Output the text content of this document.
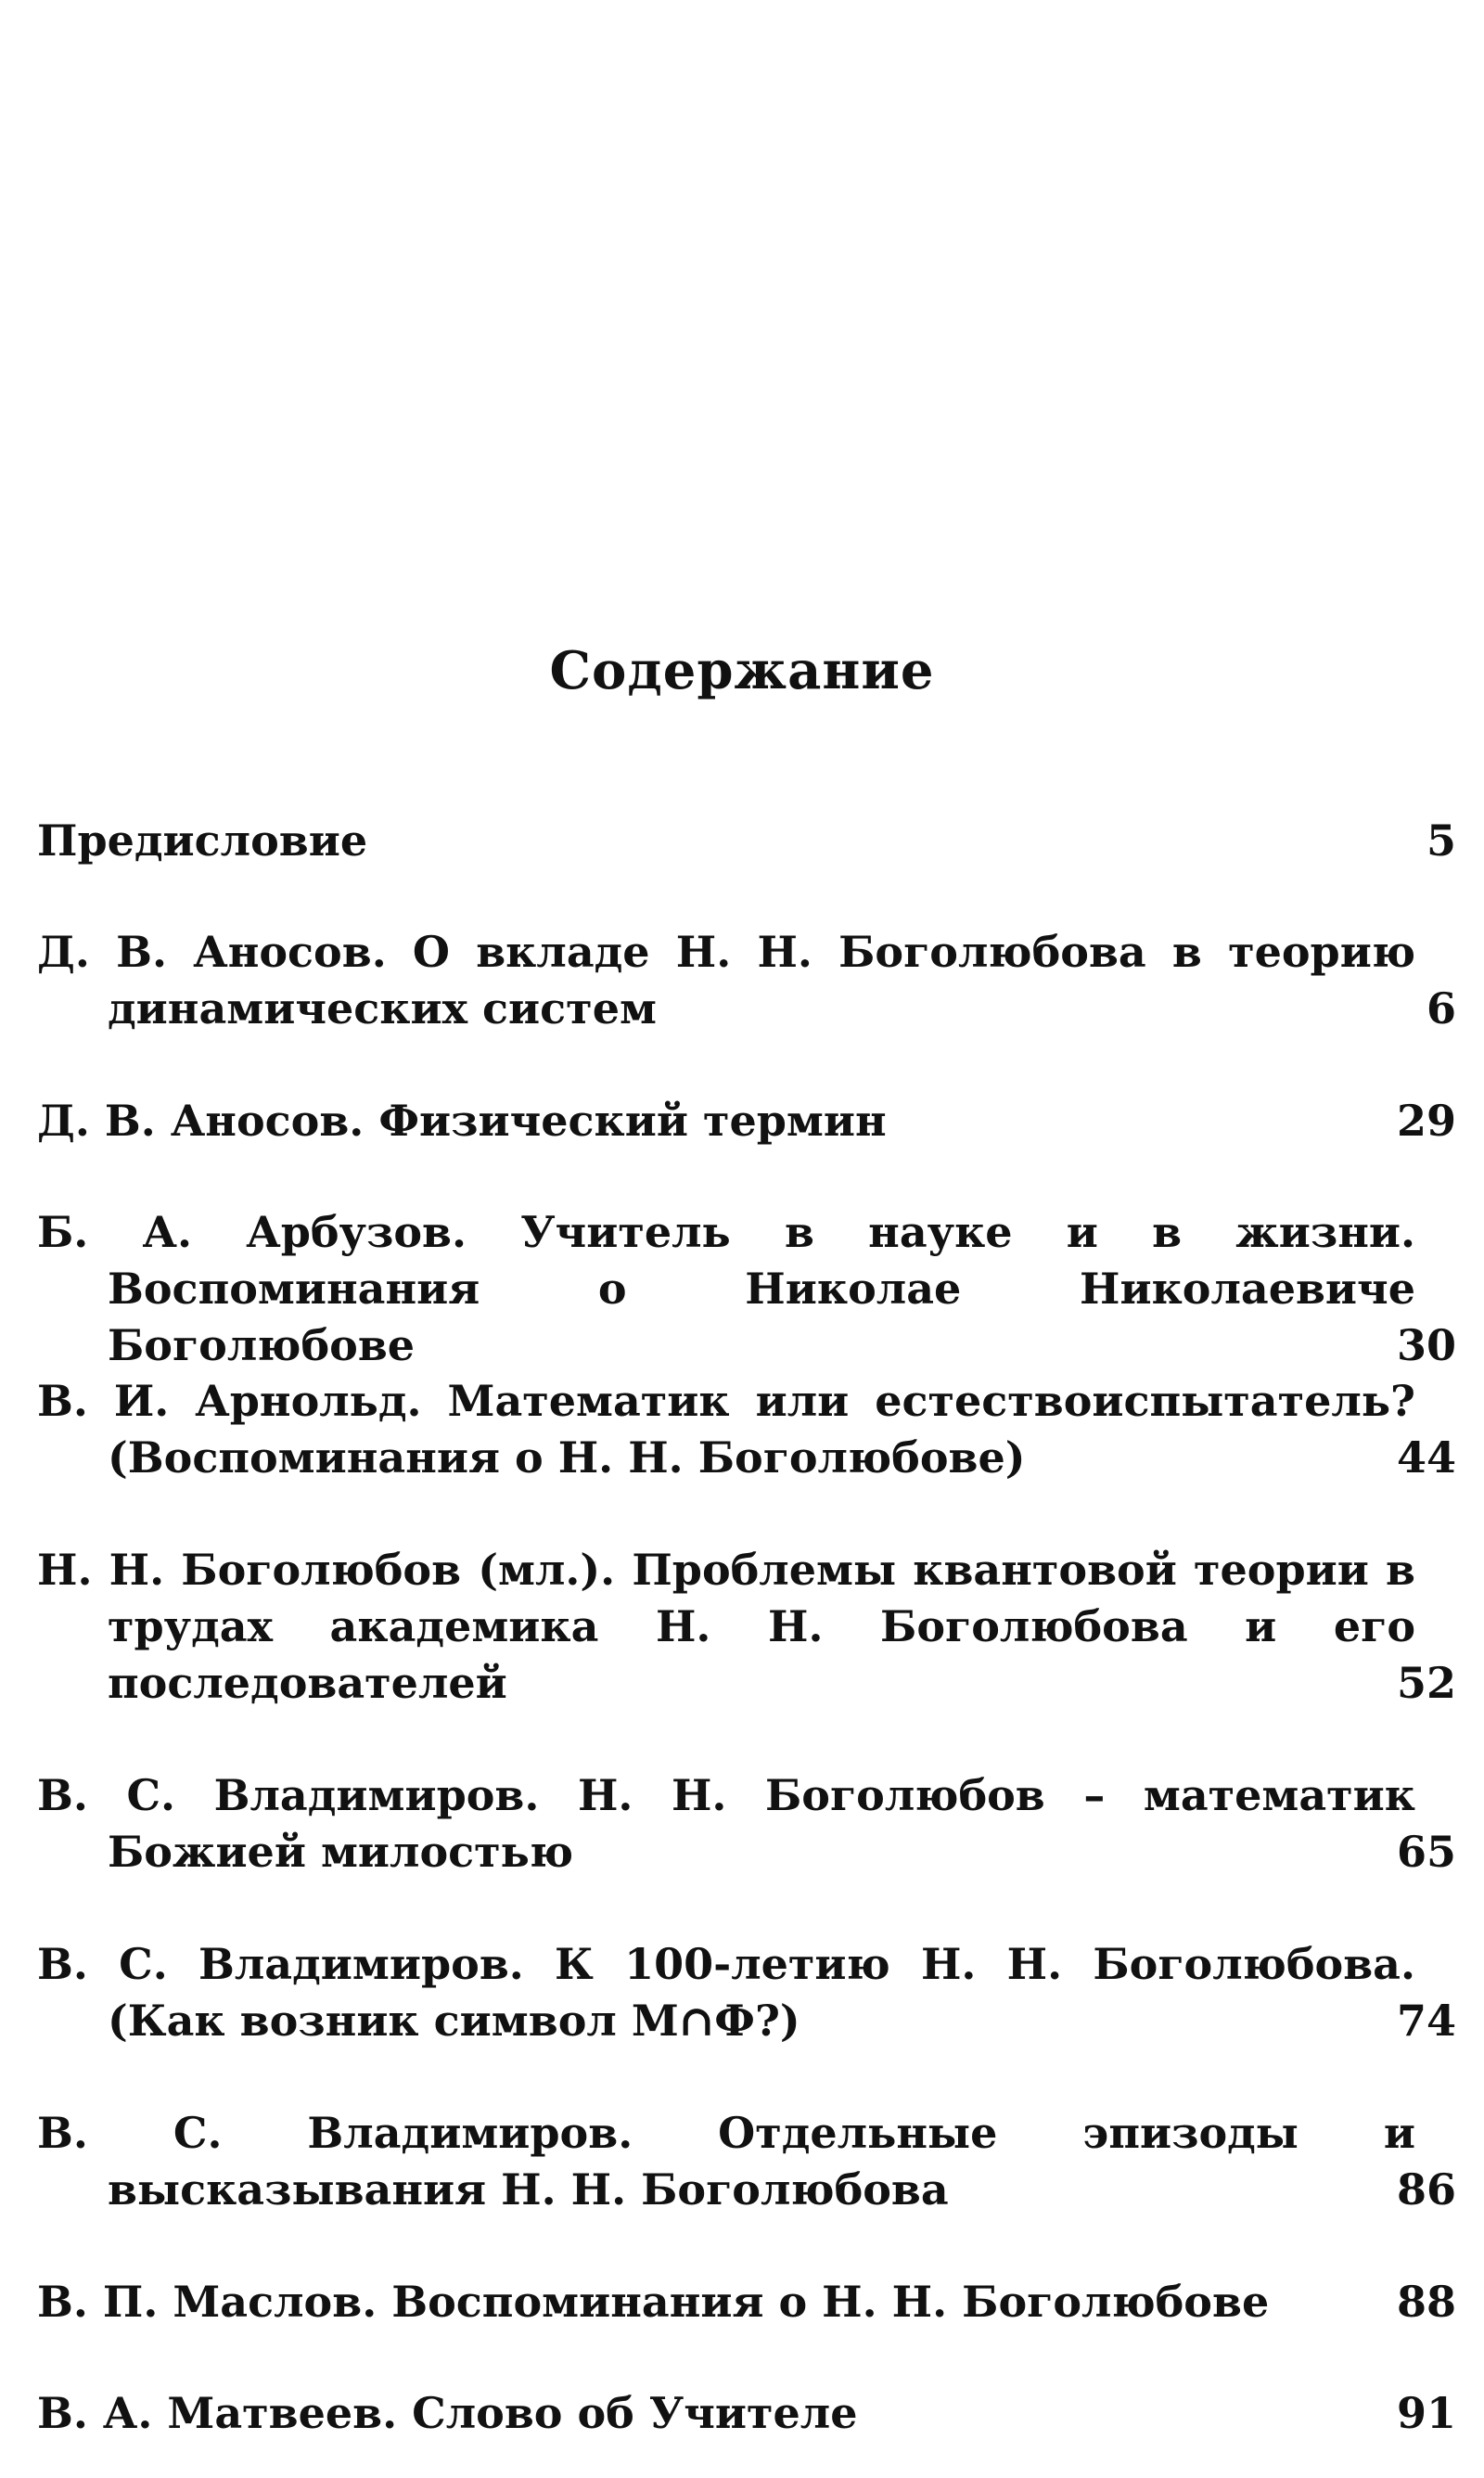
Содержание
Предисловие	5
Д. В. Аносов. О вкладе Н. Н. Боголюбова в теорию динамических систем	6
Д. В. Аносов. Физический термин	29
Б. А. Арбузов. Учитель в науке и в жизни. Воспоминания о Николае Николаевиче Боголюбове	30
В. И. Арнольд. Математик или естествоиспытатель? (Воспоминания о Н. Н. Боголюбове)	44
Н. Н. Боголюбов (мл.). Проблемы квантовой теории в трудах академика Н. Н. Боголюбова и его последователей	52
В. С. Владимиров. Н. Н. Боголюбов – математик Божией милостью	65
В. С. Владимиров. К 100-летию Н. Н. Боголюбова. (Как возник символ М∩Ф?)	74
В. С. Владимиров. Отдельные эпизоды и высказывания Н. Н. Боголюбова	86
В. П. Маслов. Воспоминания о Н. Н. Боголюбове	88
В. А. Матвеев. Слово об Учителе	91
